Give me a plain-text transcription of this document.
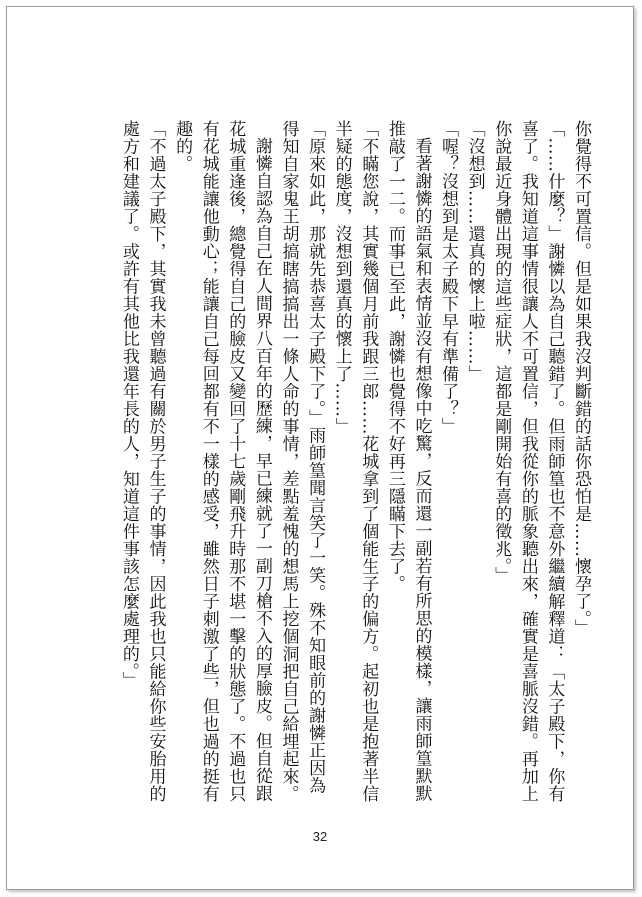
你覺得不可置信。但是如果我沒判斷錯的話你恐怕是……懷孕了。」

「……什麼？」謝憐以為自己聽錯了。但雨師篁也不意外繼續解釋道：「太子殿下，你有喜了。我知道這事情很讓人不可置信，但我從你的脈象聽出來，確實是喜脈沒錯。再加上你說最近身體出現的這些症狀，這都是剛開始有喜的徵兆。」

「沒想到……還真的懷上啦……」

「喔？沒想到是太子殿下早有準備了？」

看著謝憐的語氣和表情並沒有想像中吃驚，反而還一副若有所思的模樣，讓雨師篁默默推敲了一二。而事已至此，謝憐也覺得不好再三隱瞞下去了。

「不瞞您說，其實幾個月前我跟三郎……花城拿到了個能生子的偏方。起初也是抱著半信半疑的態度，沒想到還真的懷上了……」

「原來如此，那就先恭喜太子殿下了。」雨師篁聞言笑了一笑。殊不知眼前的謝憐正因為得知自家鬼王胡搞瞎搞搞出一條人命的事情，差點羞愧的想馬上挖個洞把自己給埋起來。

謝憐自認為自己在人間界八百年的歷練，早已練就了一副刀槍不入的厚臉皮。但自從跟花城重逢後，總覺得自己的臉皮又變回了十七歲剛飛升時那不堪一擊的狀態了。不過也只有花城能讓他動心；能讓自己每回都有不一樣的感受，雖然日子刺激了些，但也過的挺有趣的。

「不過太子殿下，其實我未曾聽過有關於男子生子的事情，因此我也只能給你些安胎用的處方和建議了。或許有其他比我還年長的人，知道這件事該怎麼處理的。」

32
